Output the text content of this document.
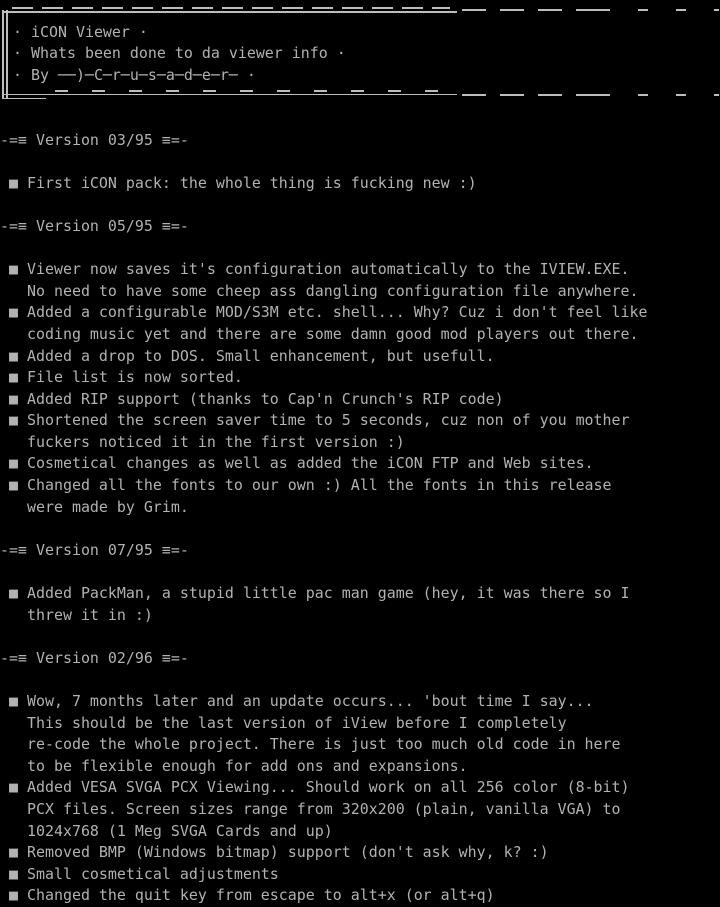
· iCON Viewer ·
· Whats been done to da viewer info ·
· By ──)─C─r─u─s─a─d─e─r─ ·
-=≡ Version 03/95 ≡=-
■ First iCON pack: the whole thing is fucking new :)
-=≡ Version 05/95 ≡=-
■ Viewer now saves it's configuration automatically to the IVIEW.EXE.
No need to have some cheep ass dangling configuration file anywhere.
■ Added a configurable MOD/S3M etc. shell... Why? Cuz i don't feel like
coding music yet and there are some damn good mod players out there.
■ Added a drop to DOS. Small enhancement, but usefull.
■ File list is now sorted.
■ Added RIP support (thanks to Cap'n Crunch's RIP code)
■ Shortened the screen saver time to 5 seconds, cuz non of you mother
fuckers noticed it in the first version :)
■ Cosmetical changes as well as added the iCON FTP and Web sites.
■ Changed all the fonts to our own :) All the fonts in this release
were made by Grim.
-=≡ Version 07/95 ≡=-
■ Added PackMan, a stupid little pac man game (hey, it was there so I
threw it in :)
-=≡ Version 02/96 ≡=-
■ Wow, 7 months later and an update occurs... 'bout time I say...
This should be the last version of iView before I completely
re-code the whole project. There is just too much old code in here
to be flexible enough for add ons and expansions.
■ Added VESA SVGA PCX Viewing... Should work on all 256 color (8-bit)
PCX files. Screen sizes range from 320x200 (plain, vanilla VGA) to
1024x768 (1 Meg SVGA Cards and up)
■ Removed BMP (Windows bitmap) support (don't ask why, k? :)
■ Small cosmetical adjustments
■ Changed the quit key from escape to alt+x (or alt+q)
